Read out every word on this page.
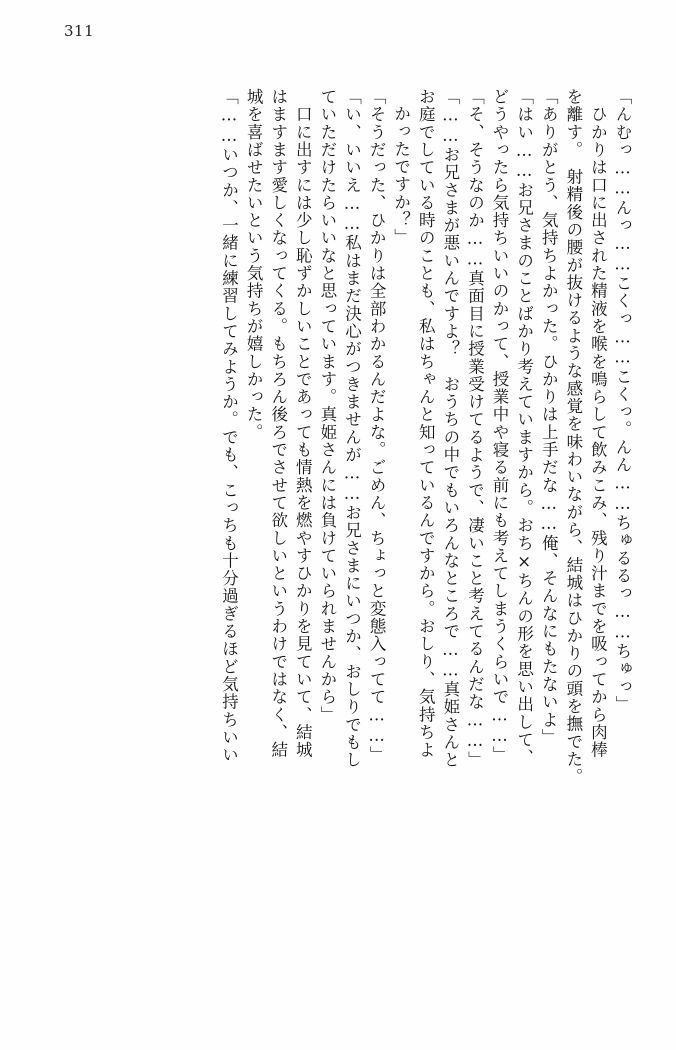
311
「んむっ……んっ……こくっ……こくっ。んん……ちゅるるっ……ちゅっ」
　ひかりは口に出された精液を喉を鳴らして飲みこみ、残り汁までを吸ってから肉棒
を離す。　射精後の腰が抜けるような感覚を味わいながら、結城はひかりの頭を撫でた。
「ありがとう、気持ちよかった。ひかりは上手だな……俺、そんなにもたないよ」
「はい……お兄さまのことばかり考えていますから。おち×ちんの形を思い出して、
どうやったら気持ちいいのかって、授業中や寝る前にも考えてしまうくらいで……」
「そ、そうなのか……真面目に授業受けてるようで、凄いこと考えてるんだな……」
「……お兄さまが悪いんですよ？　おうちの中でもいろんなところで……真姫さんと
お庭でしている時のことも、私はちゃんと知っているんですから。おしり、気持ちよ
かったですか？」
「そうだった、ひかりは全部わかるんだよな。ごめん、ちょっと変態入ってて……」
「い、いいえ……私はまだ決心がつきませんが……お兄さまにいつか、おしりでもし
ていただけたらいいなと思っています。真姫さんには負けていられませんから」
　口に出すには少し恥ずかしいことであっても情熱を燃やすひかりを見ていて、結城
はますます愛しくなってくる。もちろん後ろでさせて欲しいというわけではなく、結
城を喜ばせたいという気持ちが嬉しかった。
「……いつか、一緒に練習してみようか。でも、こっちも十分過ぎるほど気持ちいい
